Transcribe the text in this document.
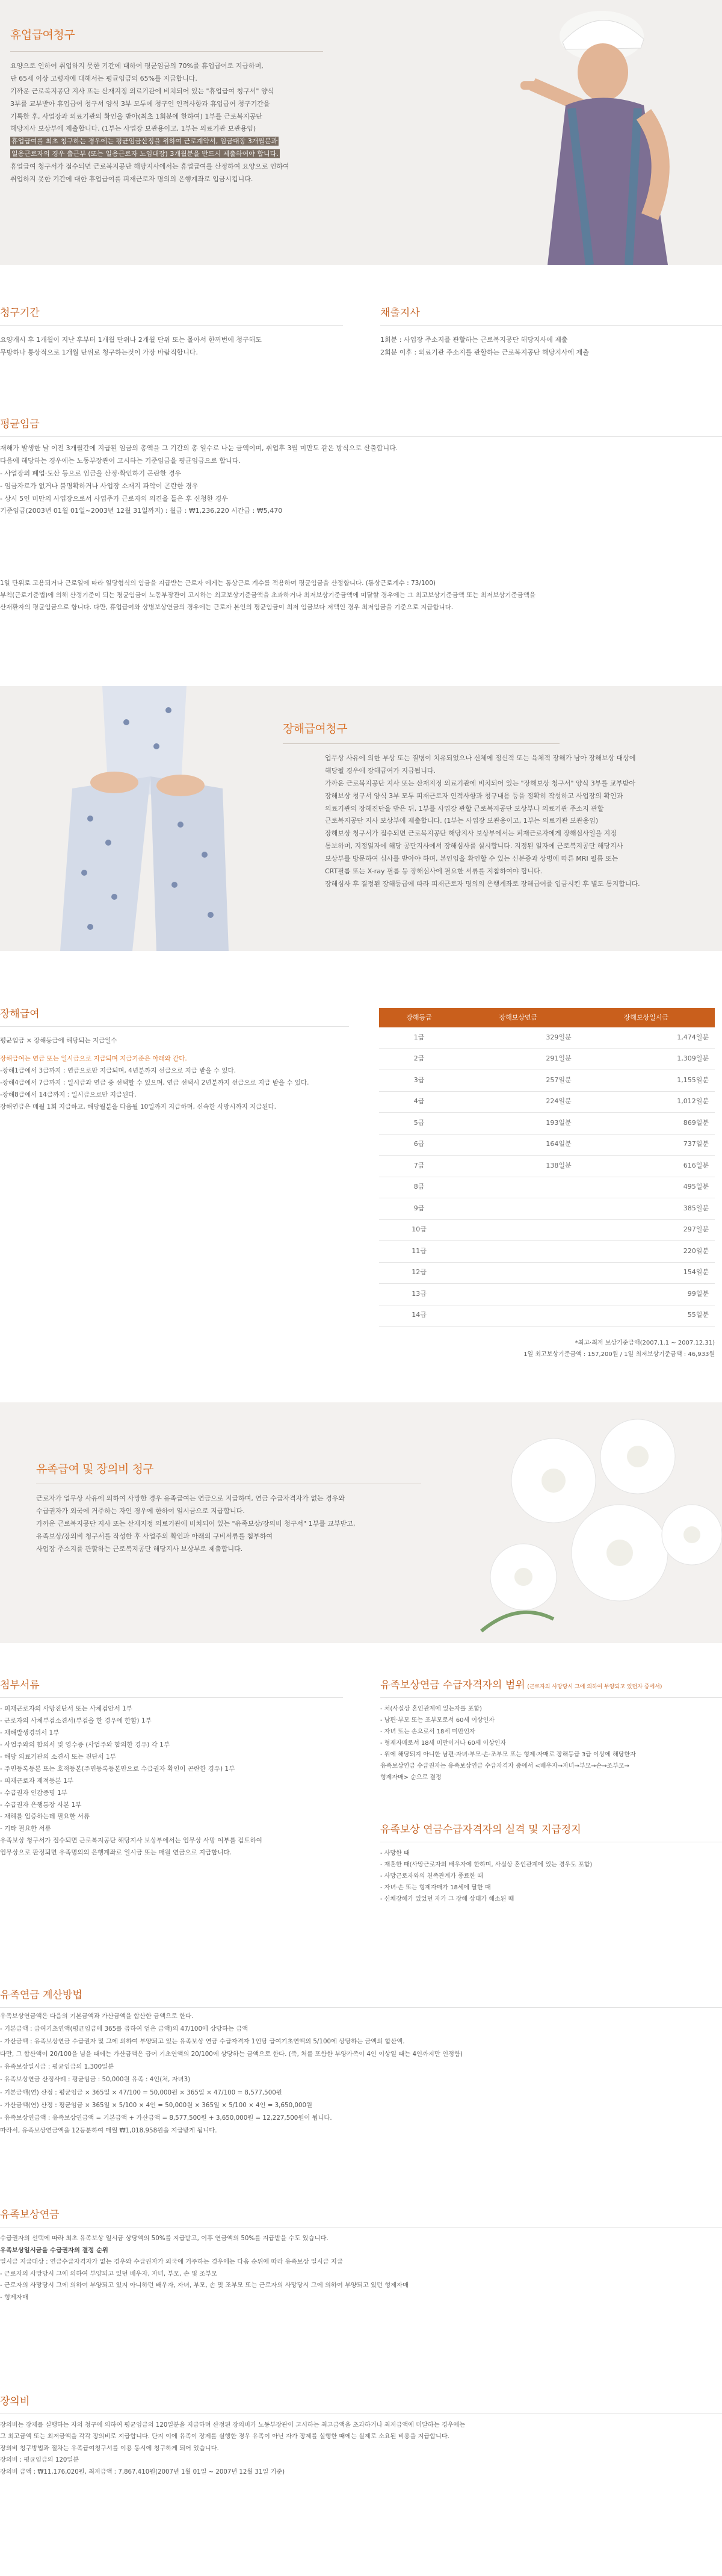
휴업급여청구

요양으로 인하여 취업하지 못한 기간에 대하여 평균임금의 70%를 휴업급여로 지급하며,

단 65세 이상 고령자에 대해서는 평균임금의 65%를 지급합니다.

기까운 근로복지공단 지사 또는 산재지정 의료기관에 비치되어 있는 "휴업급여 청구서" 양식

3부를 교부받아 휴업급여 청구서 양식 3부 모두에 청구인 인적사항과 휴업급여 청구기간을

기록한 후, 사업장과 의료기관의 확인을 받아(최초 1회분에 한하여) 1부를 근로복지공단

해당지사 보상부에 제출합니다. (1부는 사업장 보관용이고, 1부는 의료기관 보관용임)

휴업급여를 최초 청구하는 경우에는 평균임금산정을 위하여 근로계약서, 임금대장 3개월분과

일용근로자의 경우 출근부 (또는 일용근로자 노임대장) 3개월분을 반드시 제출하여야 합니다.

휴업급여 청구서가 접수되면 근로복지공단 해당지사에서는 휴업급여를 산정하여 요양으로 인하여

취업하지 못한 기간에 대한 휴업급여를 피재근로자 명의의 은행계좌로 입금시킵니다.

청구기간

요양개시 후 1개월이 지난 후부터 1개월 단위나 2개월 단위 또는 몰아서 한꺼번에 청구해도

무방하나 통상적으로 1개월 단위로 청구하는것이 가장 바람직합니다.

채출지사

1회분 : 사업장 주소지를 관할하는 근로복지공단 해당지사에 제출

2회분 이후 : 의료기관 주소지를 관할하는 근로복지공단 해당지사에 제출

평균임금

재해가 발생한 날 이전 3개월간에 지급된 임금의 총액을 그 기간의 총 일수로 나눈 금액이며, 취업후 3월 미만도 같은 방식으로 산출합니다.

다음에 해당하는 경우에는 노동부장관이 고시하는 기준임금을 평균임금으로 합니다.

- 사업장의 폐업·도산 등으로 임금을 산정·확인하기 곤란한 경우

- 임금자료가 없거나 불명확하거나 사업장 소재지 파악이 곤란한 경우

- 상시 5인 미만의 사업장으로서 사업주가 근로자의 의견을 들은 후 신청한 경우

기준임금(2003년 01월 01일~2003년 12월 31일까지) : 월급 : ₩1,236,220 시간급 : ₩5,470

1일 단위로 고용되거나 근로일에 따라 일당형식의 임금을 지급받는 근로자 에게는 통상근로 계수를 적용하여 평균임금을 산정합니다. (통상근로계수 : 73/100)

부칙(근로기준법)에 의해 산정기준이 되는 평균임금이 노동부장관이 고시하는 최고보상기준금액을 초과하거나 최저보상기준금액에 미달할 경우에는 그 최고보상기준금액 또는 최저보상기준금액을

산재환자의 평균임금으로 합니다. 다만, 휴업급여와 상병보상연금의 경우에는 근로자 본인의 평균임금이 최저 임금보다 저액인 경우 최저임금을 기준으로 지급합니다.

장해급여청구

업무상 사유에 의한 부상 또는 질병이 치유되었으나 신체에 정신적 또는 육체적 장해가 남아 장해보상 대상에

해당될 경우에 장해급여가 지급됩니다.

가까운 근로복지공단 지사 또는 산재지정 의료기관에 비치되어 있는 "장해보상 청구서" 양식 3부를 교부받아

장해보상 청구서 양식 3부 모두 피재근로자 인적사항과 청구내용 등을 정확히 작성하고 사업장의 확인과

의료기관의 장해진단을 받은 뒤, 1부를 사업장 관할 근로복지공단 보상부나 의료기관 주소지 관할

근로복지공단 지사 보상부에 제출합니다. (1부는 사업장 보관용이고, 1부는 의료기관 보관용임)

장해보상 청구서가 접수되면 근로복지공단 해당지사 보상부에서는 피재근로자에게 장해심사일을 지정

통보하며, 지정일자에 해당 공단지사에서 장해심사를 실시합니다. 지정된 일자에 근로복지공단 해당지사

보상부를 방문하여 심사를 받아야 하며, 본인임을 확인할 수 있는 신분증과 상병에 따른 MRI 필름 또는

CRT필름 또는 X-ray 필름 등 장해심사에 필요한 서류를 지참하여야 합니다.

장해심사 후 결정된 장해등급에 따라 피재근로자 명의의 은행계좌로 장해급여를 입금시킨 후 별도 통지합니다.

장해급여

평균임금 × 장해등급에 해당되는 지급일수

장해급여는 연금 또는 일시금으로 지급되며 지급기준은 아래와 같다.

-장해1급에서 3급까지 : 연금으로만 지급되며, 4년분까지 선급으로 지급 받을 수 있다.

-장해4급에서 7급까지 : 일시금과 연금 중 선택할 수 있으며, 연금 선택시 2년분까지 선급으로 지급 받을 수 있다.

-장해8급에서 14급까지 : 일시금으로만 지급된다.

장해연금은 매월 1회 지급하고, 해당월분을 다음월 10일까지 지급하며, 신속한 사망시까지 지급된다.

장해등급	장해보상연금	장해보상일시금
1급	329일분	1,474일분
2급	291일분	1,309일분
3급	257일분	1,155일분
4급	224일분	1,012일분
5급	193일분	869일분
6급	164일분	737일분
7급	138일분	616일분
8급		495일분
9급		385일분
10급		297일분
11급		220일분
12급		154일분
13급		99일분
14급		55일분
*최고·최저 보상기준금액(2007.1.1 ~ 2007.12.31)
1일 최고보상기준금액 : 157,200원 / 1일 최저보상기준금액 : 46,933원
유족급여 및 장의비 청구

근로자가 업무상 사유에 의하여 사망한 경우 유족급여는 연금으로 지급하며, 연금 수급자격자가 없는 경우와

수급권자가 외국에 거주하는 자인 경우에 한하여 일시금으로 지급합니다.

가까운 근로복지공단 지사 또는 산재지정 의료기관에 비치되어 있는 "유족보상/장의비 청구서" 1부를 교부받고,

유족보상/장의비 청구서를 작성한 후 사업주의 확인과 아래의 구비서류를 첨부하여

사업장 주소지를 관할하는 근로복지공단 해당지사 보상부로 제출합니다.

첨부서류

- 피재근로자의 사망진단서 또는 사체검안서 1부

- 근로자의 사체부검소견서(부검을 한 경우에 한함) 1부

- 재해발생경위서 1부

- 사업주와의 합의서 및 영수증 (사업주와 합의한 경우) 각 1부

- 해당 의료기관의 소견서 또는 진단서 1부

- 주민등록등본 또는 호적등본(주민등록등본만으로 수급권자 확인이 곤란한 경우) 1부

- 피재근로자 제적등본 1부

- 수급권자 인감증명 1부

- 수급권자 은행통장 사본 1부

- 재해를 입증하는데 필요한 서류

- 기타 필요한 서류

유족보상 청구서가 접수되면 근로복지공단 해당지사 보상부에서는 업무상 사망 여부를 검토하여

업무상으로 판정되면 유족명의의 은행계좌로 일시금 또는 매월 연금으로 지급합니다.

유족보상연금 수급자격자의 범위 (근로자의 사망당시 그에 의하여 부양되고 있던자 중에서)

- 처(사실상 혼인관계에 있는자를 포함)

- 남편·부모 또는 조부모로서 60세 이상인자

- 자녀 또는 손으로서 18세 미만인자

- 형제자매로서 18세 미만이거나 60세 이상인자

- 위에 해당되지 아니한 남편·자녀·부모·손·조부모 또는 형제·자매로 장해등급 3급 이상에 해당한자

유족보상연금 수급권자는 유족보상연금 수급자격자 중에서 <배우자→자녀→부모→손→조부모→

형제자매> 순으로 결정

유족보상 연금수급자격자의 실격 및 지급정지

- 사망한 때

- 재혼한 때(사망근로자의 배우자에 한하며, 사실상 혼인관계에 있는 경우도 포함)

- 사망근로자와의 친족관계가 종료한 때

- 자녀·손 또는 형제자매가 18세에 달한 때

- 신체장해가 있었던 자가 그 장해 상태가 해소된 때

유족연금 계산방법

유족보상연금액은 다음의 기본금액과 가산금액을 합산한 금액으로 한다.

- 기본금액 : 급여기초연액(평균임금에 365를 곱하여 얻은 금액)의 47/100에 상당하는 금액

- 가산금액 : 유족보상연금 수급권자 및 그에 의하여 부양되고 있는 유족보상 연금 수급자격자 1인당 급여기초연액의 5/100에 상당하는 금액의 합산액.

다만, 그 합산액이 20/100을 넘을 때에는 가산금액은 급여 기초연액의 20/100에 상당하는 금액으로 한다. (즉, 처를 포함한 부양가족이 4인 이상일 때는 4인까지만 인정함)

- 유족보상일시금 : 평균임금의 1,300일분

- 유족보상연금 산정사례 : 평균임금 : 50,000원 유족 : 4인(처, 자녀3)

- 기본금액(연) 산정 : 평균임금 × 365일 × 47/100 = 50,000원 × 365일 × 47/100 = 8,577,500원

- 가산금액(연) 산정 : 평균임금 × 365일 × 5/100 × 4인 = 50,000원 × 365일 × 5/100 × 4인 = 3,650,000원

- 유족보상연금액 : 유족보상연금액 = 기본금액 + 가산금액 = 8,577,500원 + 3,650,000원 = 12,227,500원이 됩니다.

따라서, 유족보상연금액을 12등분하여 매월 ₩1,018,958원을 지급받게 됩니다.

유족보상연금

수급권자의 선택에 따라 최초 유족보상 일시금 상당액의 50%를 지급받고, 이후 연금액의 50%를 지급받을 수도 있습니다.

유족보상일시금을 수급권자의 결정 순위

일시금 지급대상 : 연금수급자격자가 없는 경우와 수급권자가 외국에 거주하는 경우에는 다음 순위에 따라 유족보상 일시금 지급

- 근로자의 사망당시 그에 의하여 부양되고 있던 배우자, 자녀, 부모, 손 및 조부모

- 근로자의 사망당시 그에 의하여 부양되고 있지 아니하던 배우자, 자녀, 부모, 손 및 조부모 또는 근로자의 사망당시 그에 의하여 부양되고 있던 형제자매

- 형제자매

장의비

장의비는 장제를 실행하는 자의 청구에 의하여 평균임금의 120일분을 지급하며 산정된 장의비가 노동부장관이 고시하는 최고금액을 초과하거나 최저금액에 미달하는 경우에는

그 최고금액 또는 최저금액을 각각 장의비로 지급합니다. 단지 이에 유족이 장제를 실행한 경우 유족이 아닌 자가 장제를 실행한 때에는 실제로 소요된 비용을 지급합니다.

장의비 청구방법과 절차는 유족급여청구서를 이용 동시에 청구하게 되어 있습니다.

장의비 : 평균임금의 120일분

장의비 금액 : ₩11,176,020원, 최저금액 : 7,867,410원(2007년 1월 01일 ~ 2007년 12월 31일 기준)
